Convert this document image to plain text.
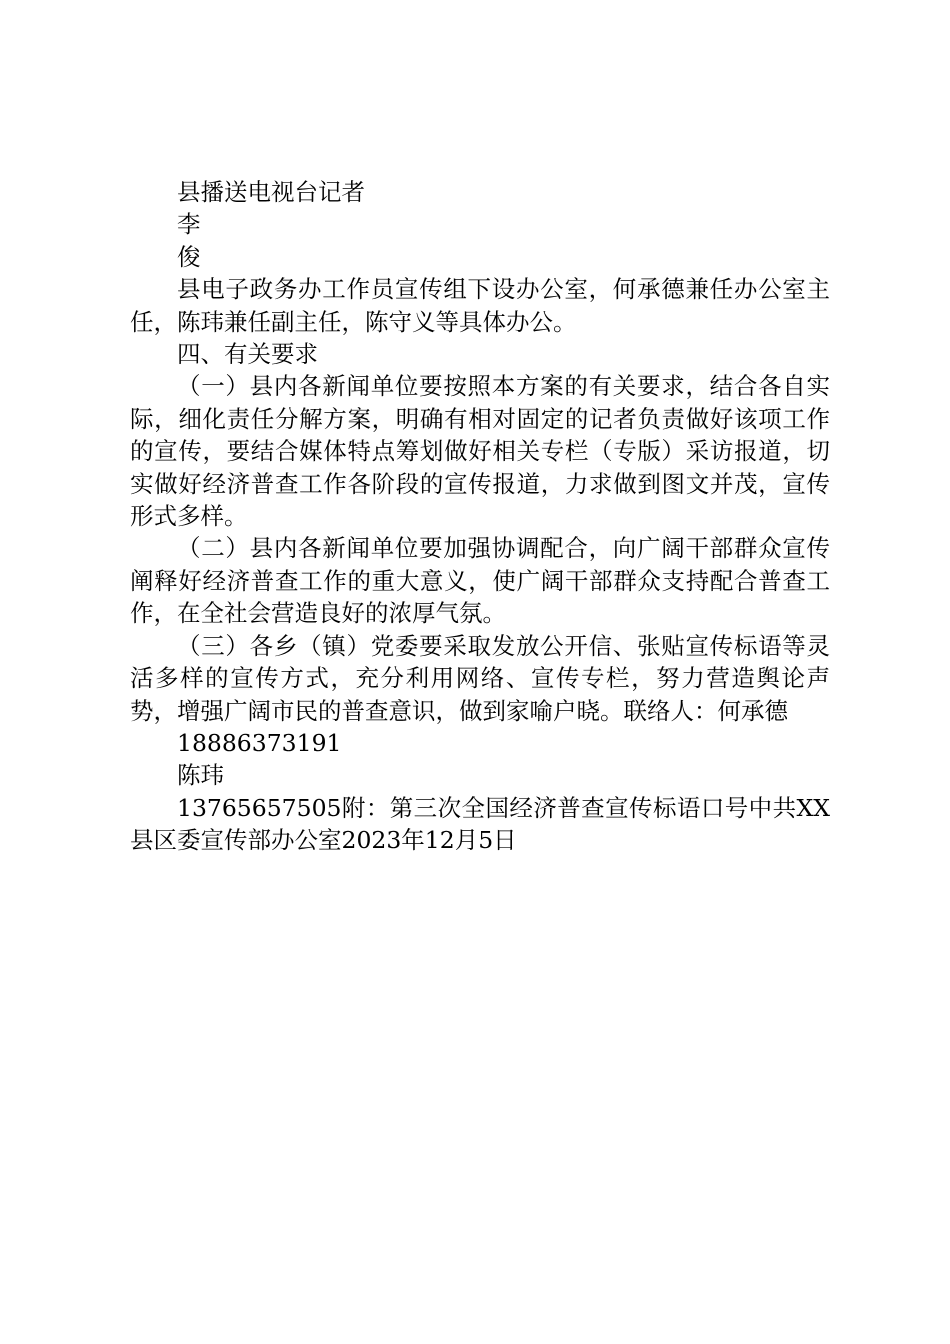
县播送电视台记者

李

俊

县电子政务办工作员宣传组下设办公室，何承德兼任办公室主任，陈玮兼任副主任，陈守义等具体办公。

四、有关要求

（一）县内各新闻单位要按照本方案的有关要求，结合各自实际，细化责任分解方案，明确有相对固定的记者负责做好该项工作的宣传，要结合媒体特点筹划做好相关专栏（专版）采访报道，切实做好经济普查工作各阶段的宣传报道，力求做到图文并茂，宣传形式多样。

（二）县内各新闻单位要加强协调配合，向广阔干部群众宣传阐释好经济普查工作的重大意义，使广阔干部群众支持配合普查工作，在全社会营造良好的浓厚气氛。

（三）各乡（镇）党委要采取发放公开信、张贴宣传标语等灵活多样的宣传方式，充分利用网络、宣传专栏，努力营造舆论声势，增强广阔市民的普查意识，做到家喻户晓。联络人：何承德

18886373191

陈玮

13765657505附：第三次全国经济普查宣传标语口号中共XX县区委宣传部办公室2023年12月5日
